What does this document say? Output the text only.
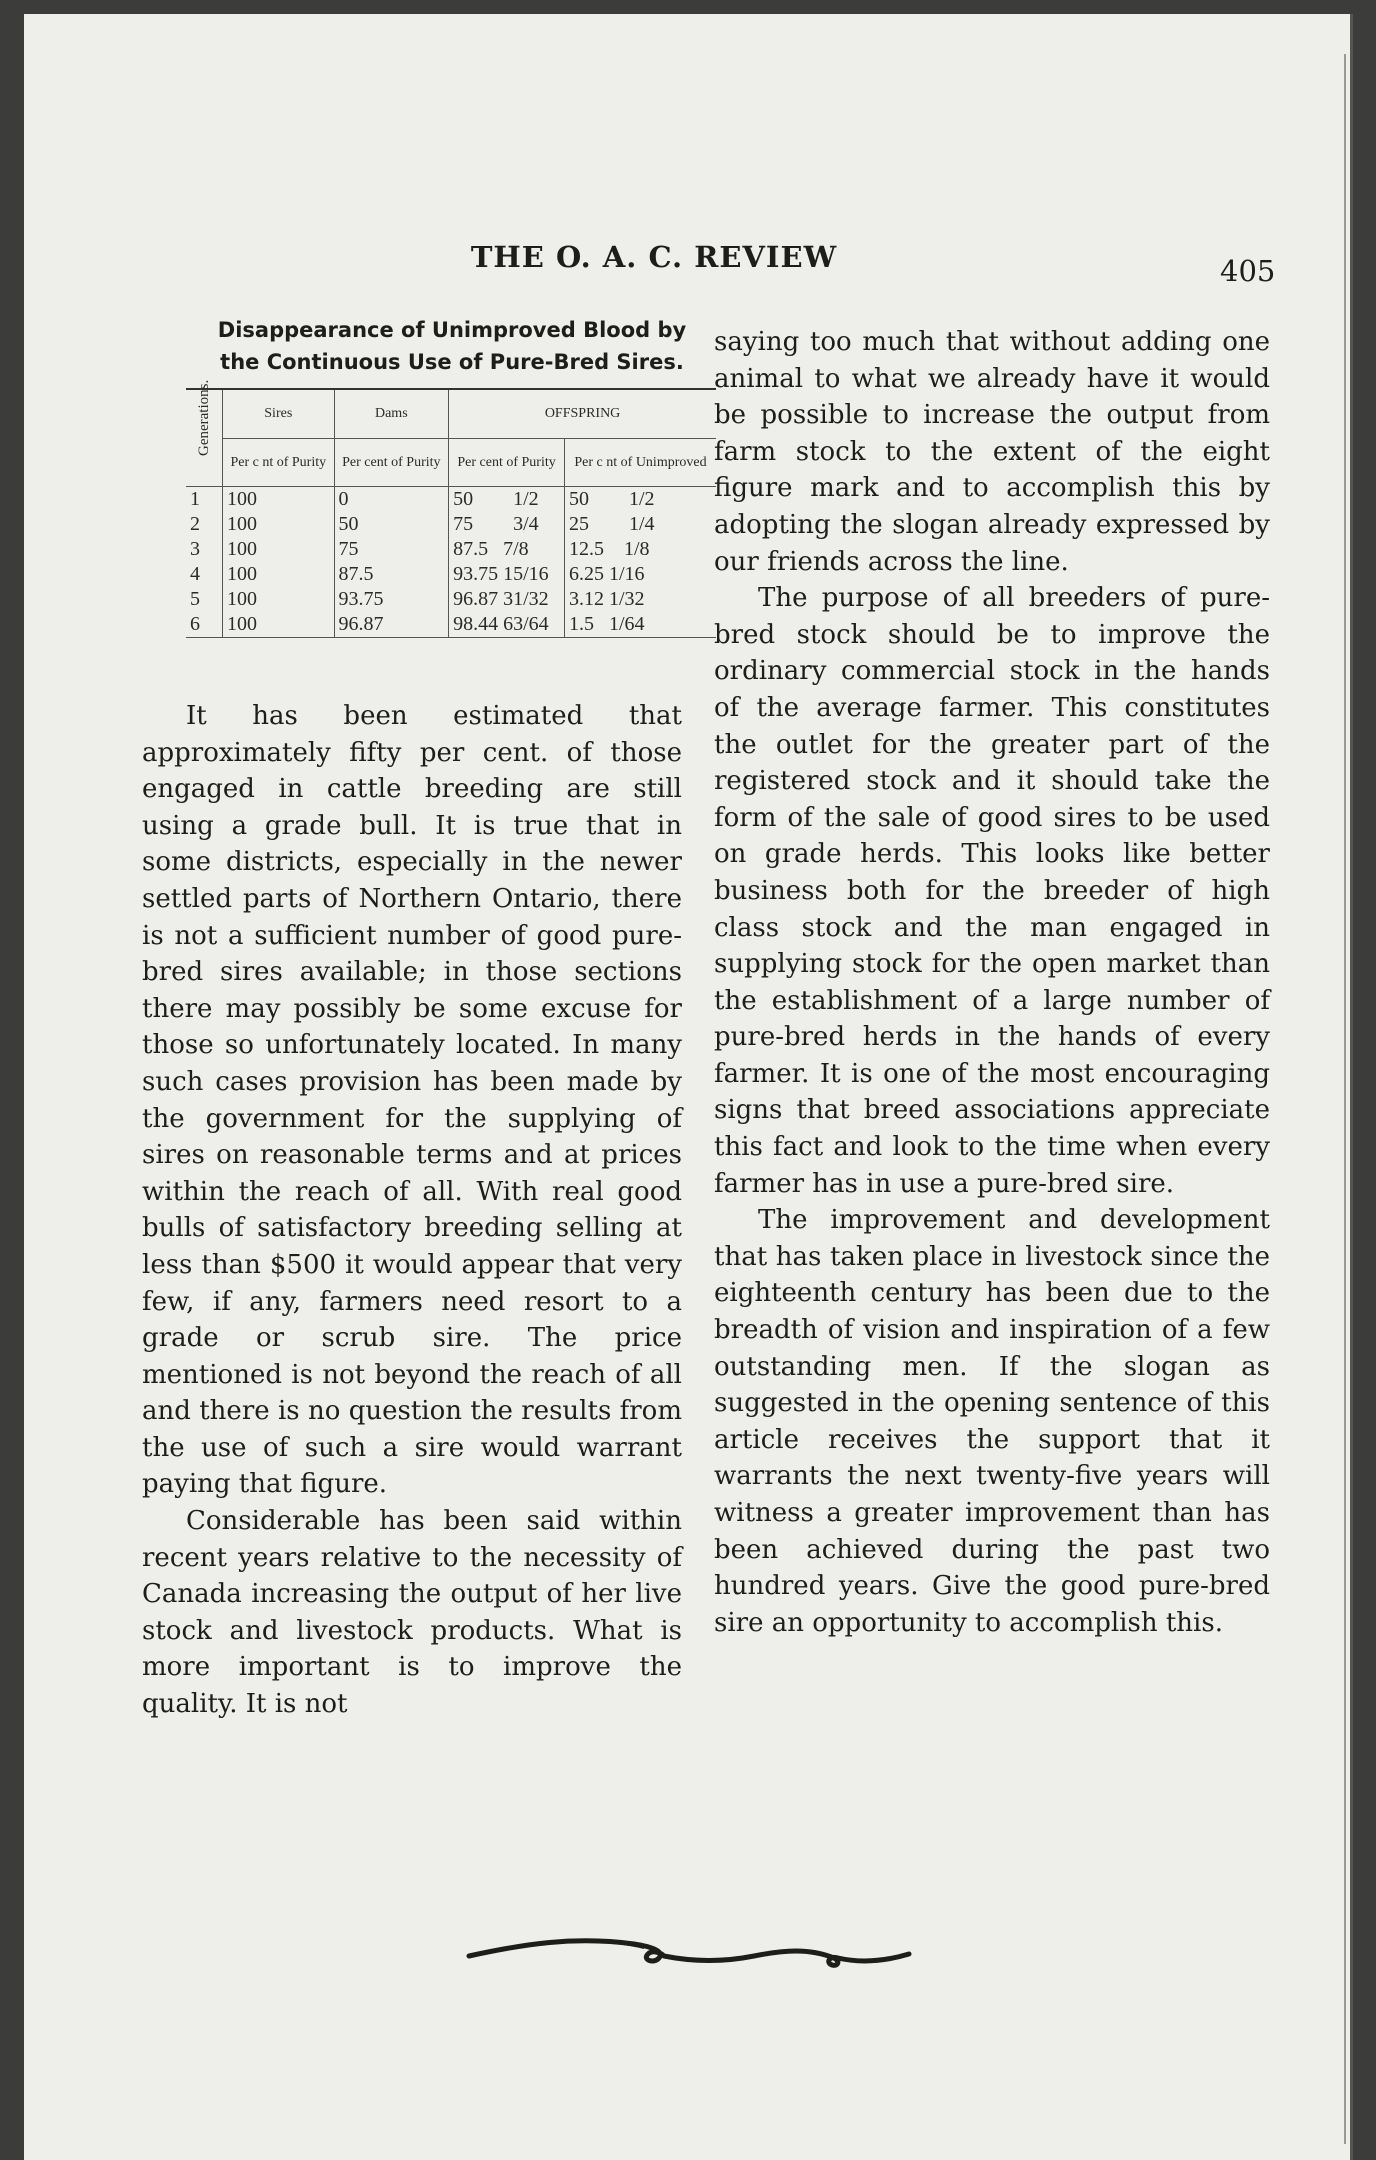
THE O. A. C. REVIEW	405

Disappearance of Unimproved Blood by

the Continuous Use of Pure-Bred Sires.

Generations.	Sires	Dams	OFFSPRING	
	Per c nt of Purity	Per cent of Purity	Per cent of Purity	Per c nt of Unimproved
1	100	0	50        1/2	50        1/2
2	100	50	75        3/4	25        1/4
3	100	75	87.5   7/8	12.5    1/8
4	100	87.5	93.75 15/16	6.25 1/16
5	100	93.75	96.87 31/32	3.12 1/32
6	100	96.87	98.44 63/64	1.5   1/64

It has been estimated that approximately fifty per cent. of those engaged in cattle breeding are still using a grade bull. It is true that in some districts, especially in the newer settled parts of Northern Ontario, there is not a sufficient number of good pure-bred sires available; in those sections there may possibly be some excuse for those so unfortunately located. In many such cases provision has been made by the government for the supplying of sires on reasonable terms and at prices within the reach of all. With real good bulls of satisfactory breeding selling at less than $500 it would appear that very few, if any, farmers need resort to a grade or scrub sire. The price mentioned is not beyond the reach of all and there is no question the results from the use of such a sire would warrant paying that figure.

Considerable has been said within recent years relative to the necessity of Canada increasing the output of her live stock and livestock products. What is more important is to improve the quality. It is not

saying too much that without adding one animal to what we already have it would be possible to increase the output from farm stock to the extent of the eight figure mark and to accomplish this by adopting the slogan already expressed by our friends across the line.

The purpose of all breeders of pure-bred stock should be to improve the ordinary commercial stock in the hands of the average farmer. This constitutes the outlet for the greater part of the registered stock and it should take the form of the sale of good sires to be used on grade herds. This looks like better business both for the breeder of high class stock and the man engaged in supplying stock for the open market than the establishment of a large number of pure-bred herds in the hands of every farmer. It is one of the most encouraging signs that breed associations appreciate this fact and look to the time when every farmer has in use a pure-bred sire.

The improvement and development that has taken place in livestock since the eighteenth century has been due to the breadth of vision and inspiration of a few outstanding men. If the slogan as suggested in the opening sentence of this article receives the support that it warrants the next twenty-five years will witness a greater improvement than has been achieved during the past two hundred years. Give the good pure-bred sire an opportunity to accomplish this.
